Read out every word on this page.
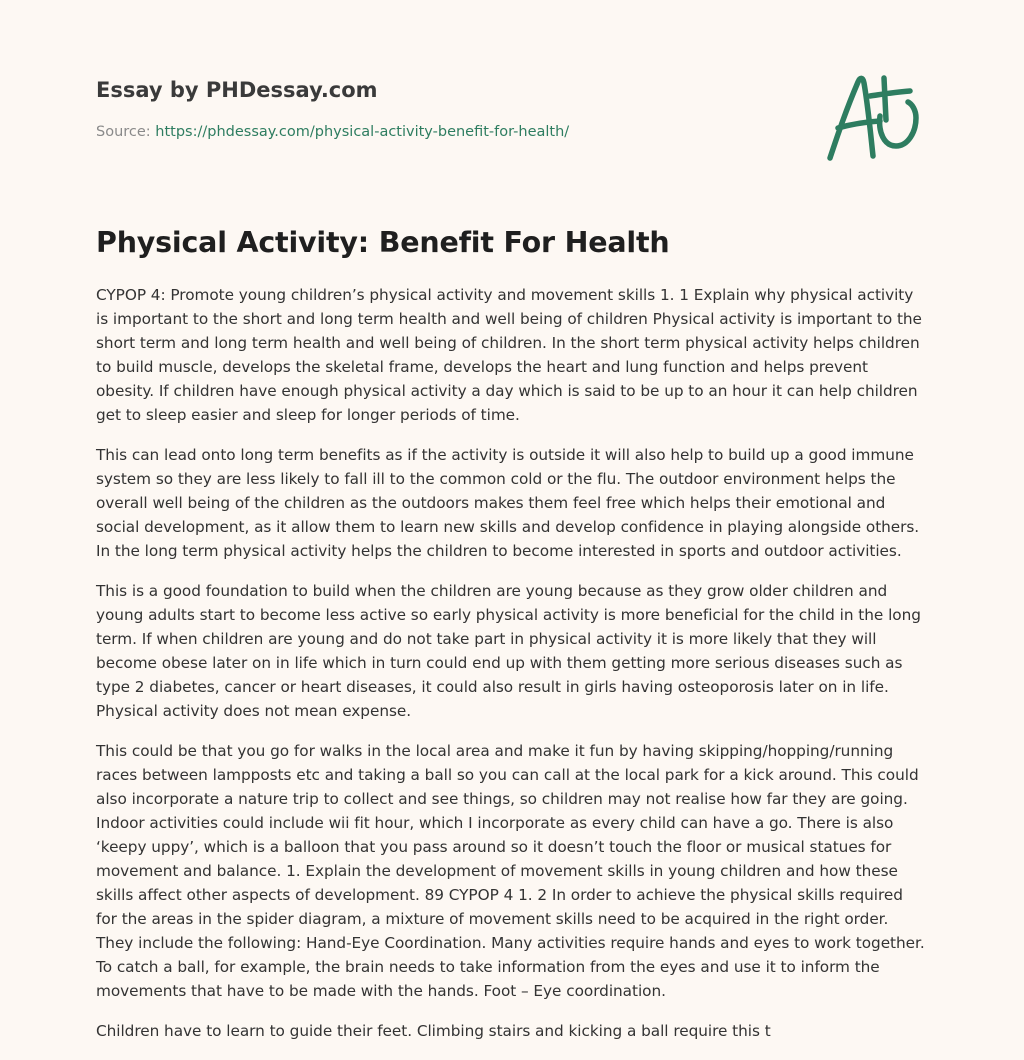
Essay by PHDessay.com
Source: https://phdessay.com/physical-activity-benefit-for-health/
Physical Activity: Benefit For Health

CYPOP 4: Promote young children’s physical activity and movement skills 1. 1 Explain why physical activity is important to the short and long term health and well being of children Physical activity is important to the short term and long term health and well being of children. In the short term physical activity helps children to build muscle, develops the skeletal frame, develops the heart and lung function and helps prevent obesity. If children have enough physical activity a day which is said to be up to an hour it can help children get to sleep easier and sleep for longer periods of time.

This can lead onto long term benefits as if the activity is outside it will also help to build up a good immune system so they are less likely to fall ill to the common cold or the flu. The outdoor environment helps the overall well being of the children as the outdoors makes them feel free which helps their emotional and social development, as it allow them to learn new skills and develop confidence in playing alongside others. In the long term physical activity helps the children to become interested in sports and outdoor activities.

This is a good foundation to build when the children are young because as they grow older children and young adults start to become less active so early physical activity is more beneficial for the child in the long term. If when children are young and do not take part in physical activity it is more likely that they will become obese later on in life which in turn could end up with them getting more serious diseases such as type 2 diabetes, cancer or heart diseases, it could also result in girls having osteoporosis later on in life. Physical activity does not mean expense.

This could be that you go for walks in the local area and make it fun by having skipping/hopping/running races between lampposts etc and taking a ball so you can call at the local park for a kick around. This could also incorporate a nature trip to collect and see things, so children may not realise how far they are going. Indoor activities could include wii fit hour, which I incorporate as every child can have a go. There is also ‘keepy uppy’, which is a balloon that you pass around so it doesn’t touch the floor or musical statues for movement and balance. 1. Explain the development of movement skills in young children and how these skills affect other aspects of development. 89 CYPOP 4 1. 2 In order to achieve the physical skills required for the areas in the spider diagram, a mixture of movement skills need to be acquired in the right order. They include the following: Hand-Eye Coordination. Many activities require hands and eyes to work together. To catch a ball, for example, the brain needs to take information from the eyes and use it to inform the movements that have to be made with the hands. Foot – Eye coordination.

Children have to learn to guide their feet. Climbing stairs and kicking a ball require this t
